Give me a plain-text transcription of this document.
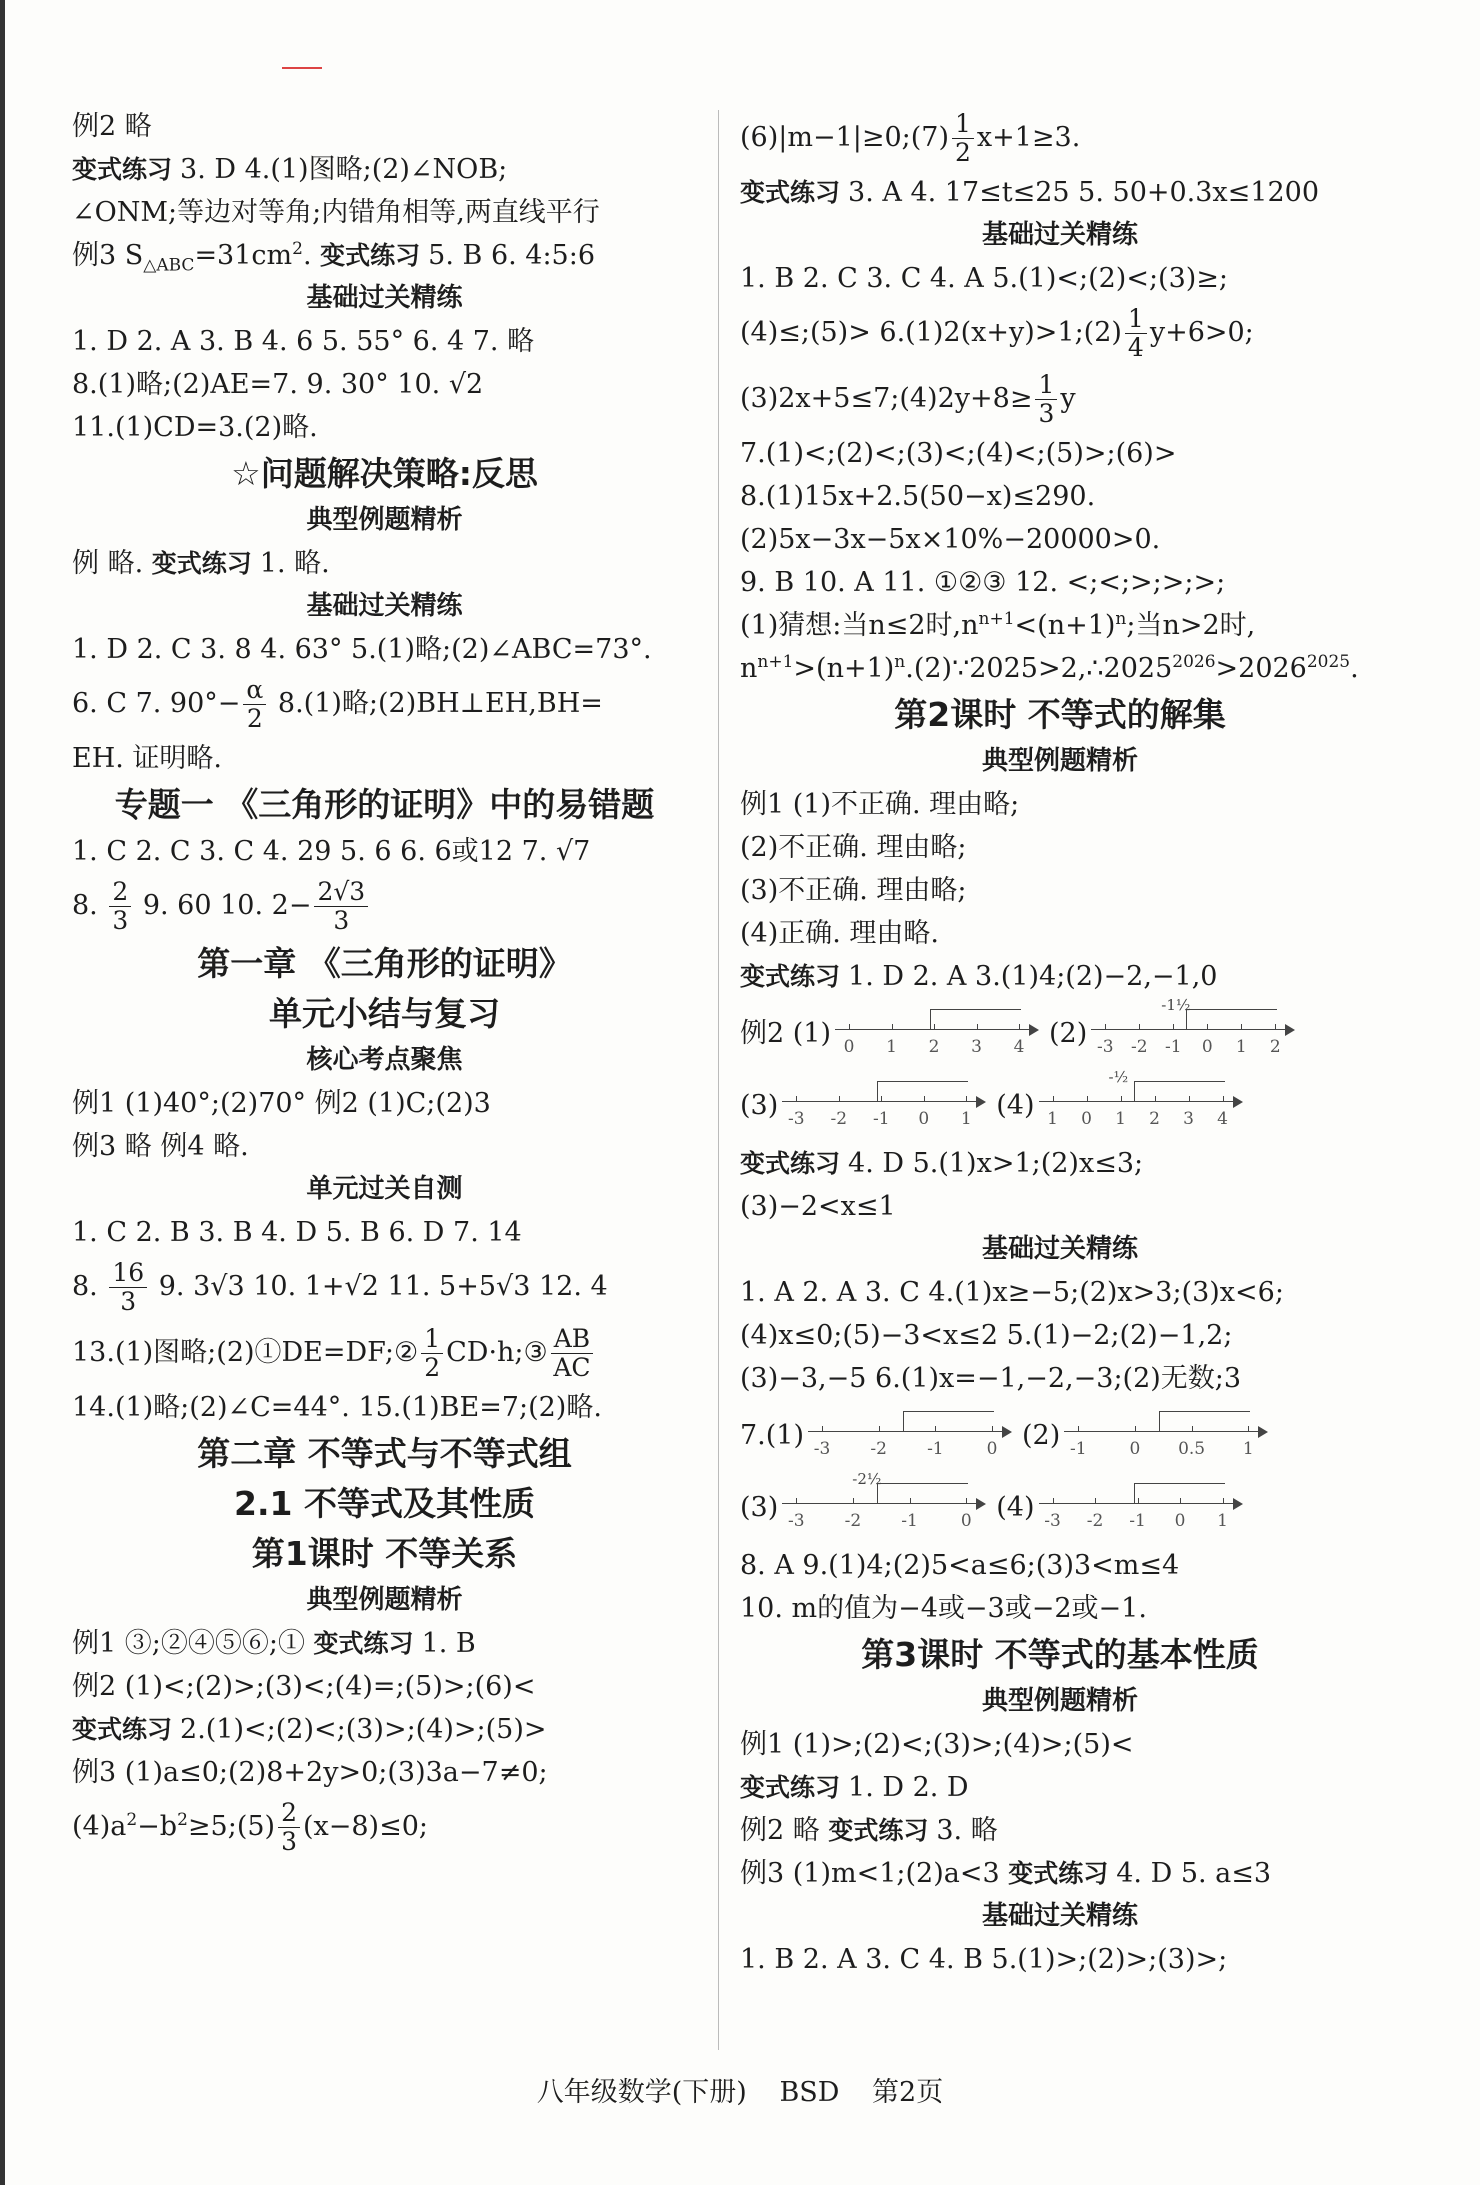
例2 略
变式练习 3. D 4.(1)图略;(2)∠NOB;
∠ONM;等边对等角;内错角相等,两直线平行
例3 $S_{\triangle ABC}=31cm^2$. 变式练习 5. B 6. 4:5:6
基础过关精练
1. D 2. A 3. B 4. 6 5. 55° 6. 4 7. 略
8.(1)略;(2)AE=7. 9. 30° 10. √2
11.(1)CD=3.(2)略.
☆问题解决策略:反思
典型例题精析
例 略. 变式练习 1. 略.
基础过关精练
1. D 2. C 3. 8 4. 63° 5.(1)略;(2)∠ABC=73°.
6. C 7. $90^\circ- \frac{\alpha}{2} 8.(1)$略;(2)BH⊥EH,BH=
EH. 证明略.
专题一 《三角形的证明》中的易错题
1. C 2. C 3. C 4. 29 5. 6 6. 6或12 7. √7
8. $\frac{2}{3} 9$. 60 10. $2- \frac{2√3}{3}$
第一章 《三角形的证明》
单元小结与复习
核心考点聚焦
例1 (1)40°;(2)70° 例2 (1)C;(2)3
例3 略 例4 略.
单元过关自测
1. C 2. B 3. B 4. D 5. B 6. D 7. 14
8. $\frac{16}{3} 9$. 3√3 10. 1+√2 11. 5+5√3 12. 4
13.(1)图略;(2)①DE=DF;② $\frac{1}{2}$ CD·h;③ $\frac{AB}{AC}$
14.(1)略;(2)∠C=44°. 15.(1)BE=7;(2)略.
第二章 不等式与不等式组
2.1 不等式及其性质
第1课时 不等关系
典型例题精析
例1 ③;②④⑤⑥;① 变式练习 1. B
例2 (1)<;(2)>;(3)<;(4)=;(5)>;(6)<
变式练习 2.(1)<;(2)<;(3)>;(4)>;(5)>
例3 (1)a≤0;(2)8+2y>0;(3)3a−7≠0;
$(4)a^2-b^2\ge 5;(5) \frac{2}{3} (x-8)\le 0$;
(6)|m−1|≥0;(7) $\frac{1}{2} x+1\ge 3$.
变式练习 3. A 4. 17≤t≤25 5. 50+0.3x≤1200
基础过关精练
1. B 2. C 3. C 4. A 5.(1)<;(2)<;(3)≥;
(4)≤;(5)> 6.(1)2(x+y)>1;(2) $\frac{1}{4} y+6>0$;
(3)2x+5≤7;(4)2y+8≥ $\frac{1}{3}$ y
7.(1)<;(2)<;(3)<;(4)<;(5)>;(6)>
8.(1)15x+2.5(50−x)≤290.
(2)5x−3x−5x×10%−20000>0.
9. B 10. A 11. ①②③ 12. <;<;>;>;>;
(1)猜想:当n≤2时$,n^{n+1}<(n+1)^n$;当n>2时,
$n^{n+1}>(n+1)^n.(2)\because 2025>2,\therefore 2025^{2026}>2026^{2025}$.
第2课时 不等式的解集
典型例题精析
例1 (1)不正确. 理由略;
(2)不正确. 理由略;
(3)不正确. 理由略;
(4)正确. 理由略.
变式练习 1. D 2. A 3.(1)4;(2)−2,−1,0
例2 (1) 0 1 2 3 4 (2) -3 -2 -1 0 1 2
-1½
(3) -3 -2 -1 0 1 (4) 1 0 1 2 3 4
-½
变式练习 4. D 5.(1)x>1;(2)x≤3;
(3)−2<x≤1
基础过关精练
1. A 2. A 3. C 4.(1)x≥−5;(2)x>3;(3)x<6;
(4)x≤0;(5)−3<x≤2 5.(1)−2;(2)−1,2;
(3)−3,−5 6.(1)x=−1,−2,−3;(2)无数;3
7.(1) -3 -2 -1	0 (2) -1	0 0.5 1
(3) -3 -2 -1	0
-2½
(4) -3 -2 -1 0 1
8. A 9.(1)4;(2)5<a≤6;(3)3<m≤4
10. m的值为−4或−3或−2或−1.
第3课时 不等式的基本性质
典型例题精析
例1 (1)>;(2)<;(3)>;(4)>;(5)<
变式练习 1. D 2. D
例2 略 变式练习 3. 略
例3 (1)m<1;(2)a<3 变式练习 4. D 5. a≤3
基础过关精练
1. B 2. A 3. C 4. B 5.(1)>;(2)>;(3)>;
八年级数学(下册) BSD 第2页
